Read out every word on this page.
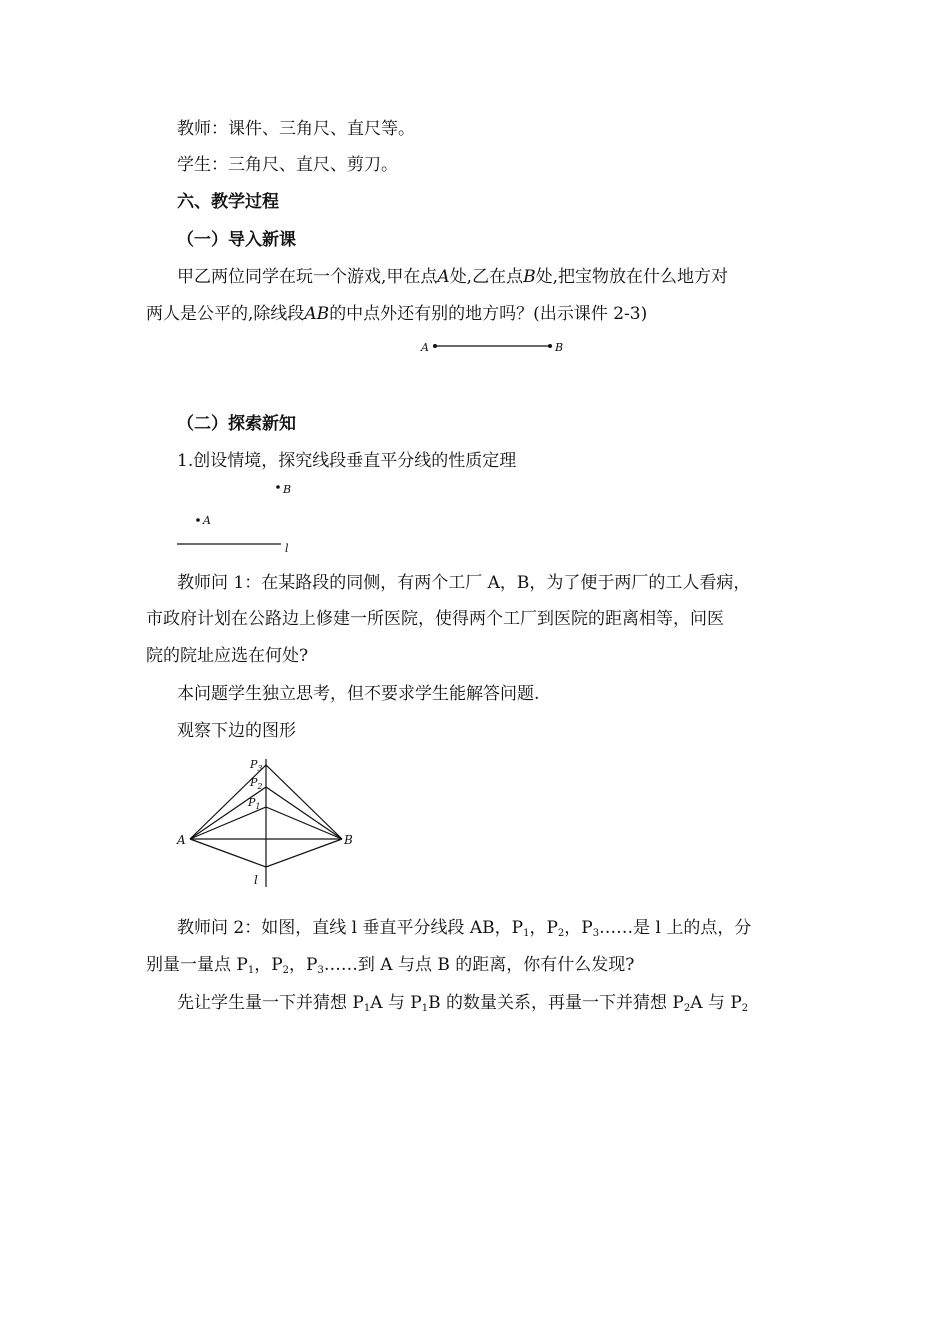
教师：课件、三角尺、直尺等。
学生：三角尺、直尺、剪刀。
六、教学过程
（一）导入新课
甲乙两位同学在玩一个游戏,甲在点A处,乙在点B处,把宝物放在什么地方对
两人是公平的,除线段AB的中点外还有别的地方吗？(出示课件 2-3)
A	B
（二）探索新知
1.创设情境，探究线段垂直平分线的性质定理
B
A
l
教师问 1：在某路段的同侧，有两个工厂 A，B，为了便于两厂的工人看病，
市政府计划在公路边上修建一所医院，使得两个工厂到医院的距离相等，问医
院的院址应选在何处?
本问题学生独立思考，但不要求学生能解答问题.
观察下边的图形
$P_3$
$P_2$
$P_1$
A	B
l
教师问 2：如图，直线 l 垂直平分线段 AB，$P_1$，$P_2$，$P_3\dots\dots$是 l 上的点，分
别量一量点 $P_1$，$P_2$，$P_3\dots\dots$到 A 与点 B 的距离，你有什么发现?
先让学生量一下并猜想 $P_1A$ 与 $P_1B$ 的数量关系，再量一下并猜想 $P_2A$ 与 $P_2$
